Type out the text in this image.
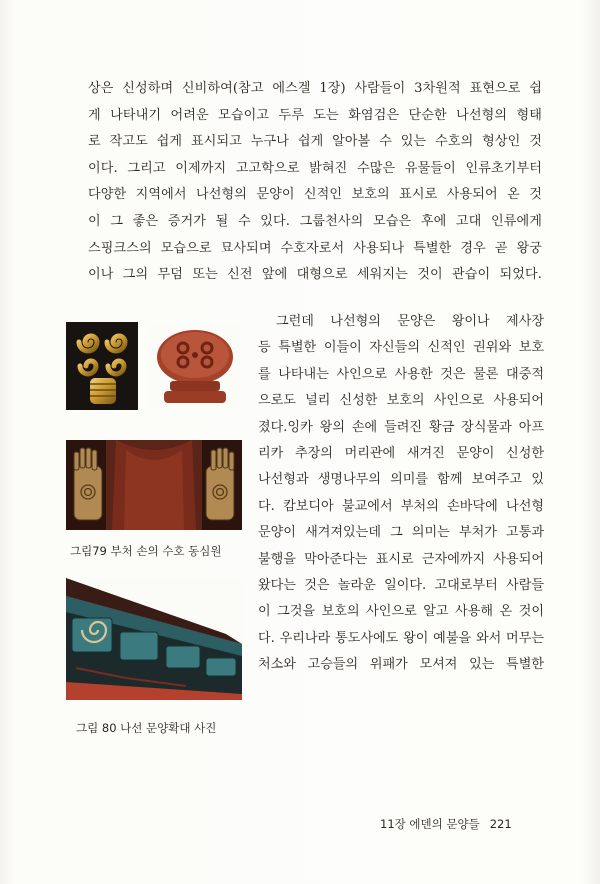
상은 신성하며 신비하여(참고 에스겔 1장) 사람들이 3차원적 표현으로 쉽
게 나타내기 어려운 모습이고 두루 도는 화염검은 단순한 나선형의 형태
로 작고도 쉽게 표시되고 누구나 쉽게 알아볼 수 있는 수호의 형상인 것
이다. 그리고 이제까지 고고학으로 밝혀진 수많은 유물들이 인류초기부터
다양한 지역에서 나선형의 문양이 신적인 보호의 표시로 사용되어 온 것
이 그 좋은 증거가 될 수 있다. 그룹천사의 모습은 후에 고대 인류에게
스핑크스의 모습으로 묘사되며 수호자로서 사용되나 특별한 경우 곧 왕궁
이나 그의 무덤 또는 신전 앞에 대형으로 세워지는 것이 관습이 되었다.

그림79 부처 손의 수호 동심원
그림 80 나선 문양확대 사진

그런데 나선형의 문양은 왕이나 제사장
등 특별한 이들이 자신들의 신적인 권위와 보호
를 나타내는 사인으로 사용한 것은 물론 대중적
으로도 널리 신성한 보호의 사인으로 사용되어
졌다.잉카 왕의 손에 들려진 황금 장식물과 아프
리카 추장의 머리관에 새겨진 문양이 신성한
나선형과 생명나무의 의미를 함께 보여주고 있
다. 캄보디아 불교에서 부처의 손바닥에 나선형
문양이 새겨져있는데 그 의미는 부처가 고통과
불행을 막아준다는 표시로 근자에까지 사용되어
왔다는 것은 놀라운 일이다. 고대로부터 사람들
이 그것을 보호의 사인으로 알고 사용해 온 것이
다. 우리나라 통도사에도 왕이 예불을 와서 머무는
처소와 고승들의 위패가 모셔져 있는 특별한

11장 에덴의 문양들 221
